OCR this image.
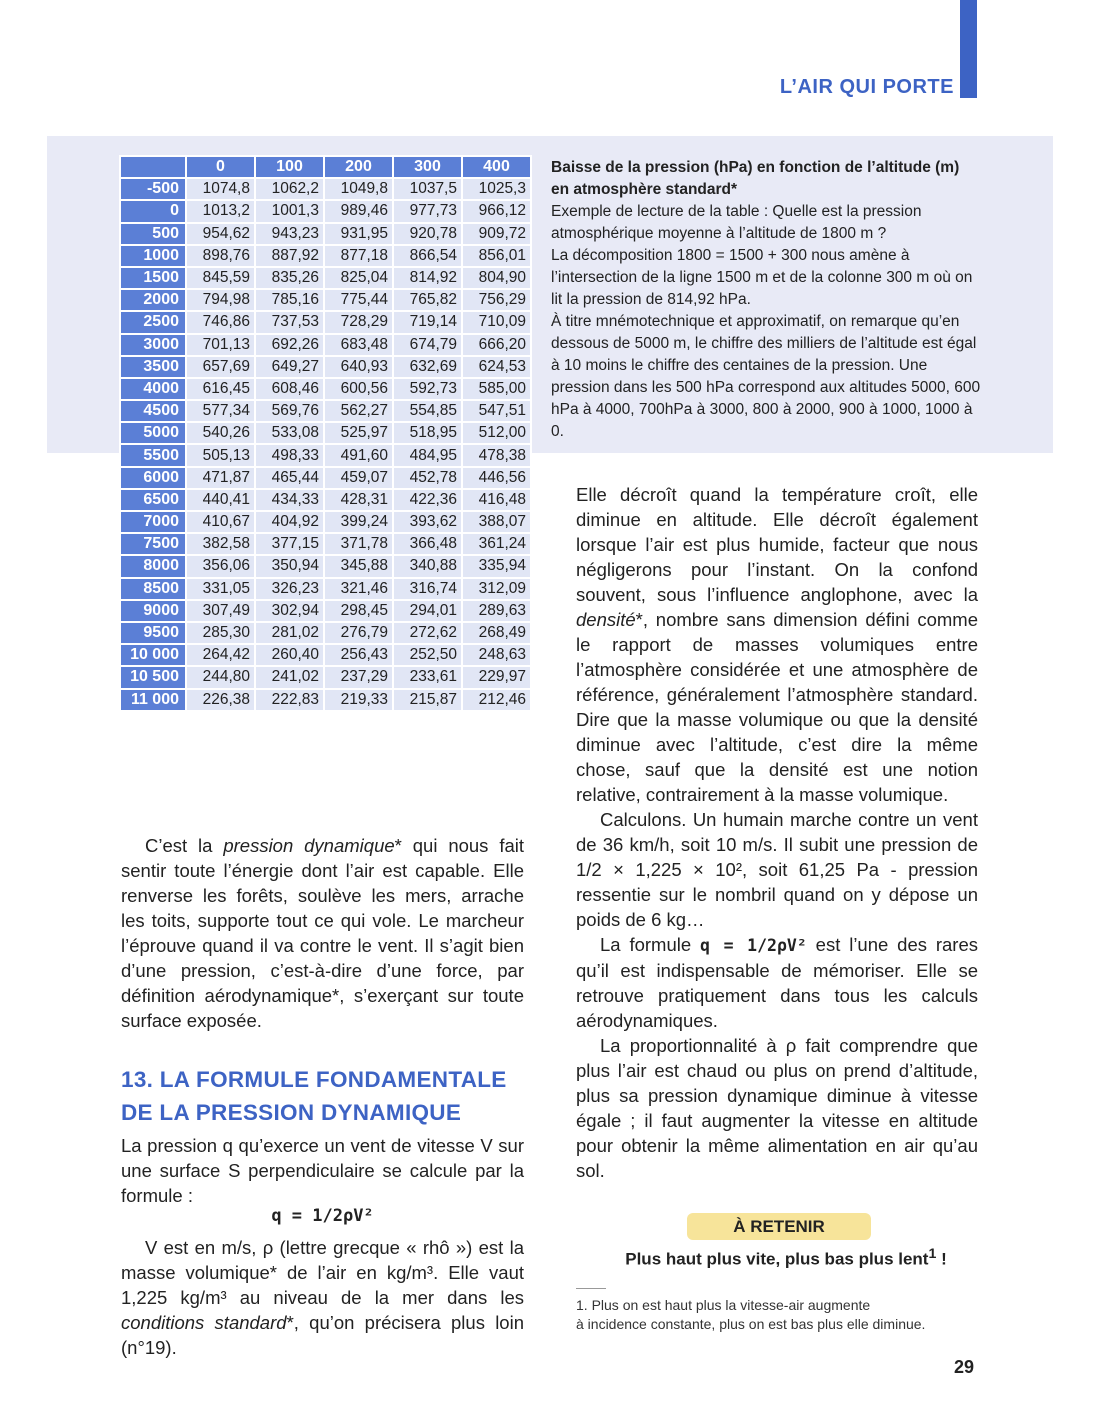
L’AIR QUI PORTE
	0	100	200	300	400
-500	1074,8	1062,2	1049,8	1037,5	1025,3
0	1013,2	1001,3	989,46	977,73	966,12
500	954,62	943,23	931,95	920,78	909,72
1000	898,76	887,92	877,18	866,54	856,01
1500	845,59	835,26	825,04	814,92	804,90
2000	794,98	785,16	775,44	765,82	756,29
2500	746,86	737,53	728,29	719,14	710,09
3000	701,13	692,26	683,48	674,79	666,20
3500	657,69	649,27	640,93	632,69	624,53
4000	616,45	608,46	600,56	592,73	585,00
4500	577,34	569,76	562,27	554,85	547,51
5000	540,26	533,08	525,97	518,95	512,00
5500	505,13	498,33	491,60	484,95	478,38
6000	471,87	465,44	459,07	452,78	446,56
6500	440,41	434,33	428,31	422,36	416,48
7000	410,67	404,92	399,24	393,62	388,07
7500	382,58	377,15	371,78	366,48	361,24
8000	356,06	350,94	345,88	340,88	335,94
8500	331,05	326,23	321,46	316,74	312,09
9000	307,49	302,94	298,45	294,01	289,63
9500	285,30	281,02	276,79	272,62	268,49
10 000	264,42	260,40	256,43	252,50	248,63
10 500	244,80	241,02	237,29	233,61	229,97
11 000	226,38	222,83	219,33	215,87	212,46

Baisse de la pression (hPa) en fonction de l’altitude (m) en atmosphère standard*

Exemple de lecture de la table : Quelle est la pression atmosphérique moyenne à l’altitude de 1800 m ?

La décomposition 1800 = 1500 + 300 nous amène à l’intersection de la ligne 1500 m et de la colonne 300 m où on lit la pression de 814,92 hPa.

À titre mnémotechnique et approximatif, on remarque qu’en dessous de 5000 m, le chiffre des milliers de l’altitude est égal à 10 moins le chiffre des centaines de la pression. Une pression dans les 500 hPa correspond aux altitudes 5000, 600 hPa à 4000, 700hPa à 3000, 800 à 2000, 900 à 1000, 1000 à 0.

C’est la pression dynamique* qui nous fait sentir toute l’énergie dont l’air est capable. Elle renverse les forêts, soulève les mers, arrache les toits, supporte tout ce qui vole. Le marcheur l’éprouve quand il va contre le vent. Il s’agit bien d’une pression, c’est-à-dire d’une force, par définition aérodynamique*, s’exerçant sur toute surface exposée.

13. LA FORMULE FONDAMENTALE
DE LA PRESSION DYNAMIQUE

La pression q qu’exerce un vent de vitesse V sur une surface S perpendiculaire se calcule par la formule :

q = 1/2ρV²

V est en m/s, ρ (lettre grecque « rhô ») est la masse volumique* de l’air en kg/m³. Elle vaut 1,225 kg/m³ au niveau de la mer dans les conditions standard*, qu’on précisera plus loin (n°19).

Elle décroît quand la température croît, elle diminue en altitude. Elle décroît également lorsque l’air est plus humide, facteur que nous négligerons pour l’instant. On la confond souvent, sous l’influence anglophone, avec la densité*, nombre sans dimension défini comme le rapport de masses volumiques entre l’atmosphère considérée et une atmosphère de référence, généralement l’atmosphère standard. Dire que la masse volumique ou que la densité diminue avec l’altitude, c’est dire la même chose, sauf que la densité est une notion relative, contrairement à la masse volumique.

Calculons. Un humain marche contre un vent de 36 km/h, soit 10 m/s. Il subit une pression de 1/2 × 1,225 × 10², soit 61,25 Pa - pression ressentie sur le nombril quand on y dépose un poids de 6 kg…

La formule q = 1/2ρV² est l’une des rares qu’il est indispensable de mémoriser. Elle se retrouve pratiquement dans tous les calculs aérodynamiques.

La proportionnalité à ρ fait comprendre que plus l’air est chaud ou plus on prend d’altitude, plus sa pression dynamique diminue à vitesse égale ; il faut augmenter la vitesse en altitude pour obtenir la même alimentation en air qu’au sol.

À RETENIR
Plus haut plus vite, plus bas plus lent$^1$ !
1. Plus on est haut plus la vitesse-air augmente
à incidence constante, plus on est bas plus elle diminue.
29
